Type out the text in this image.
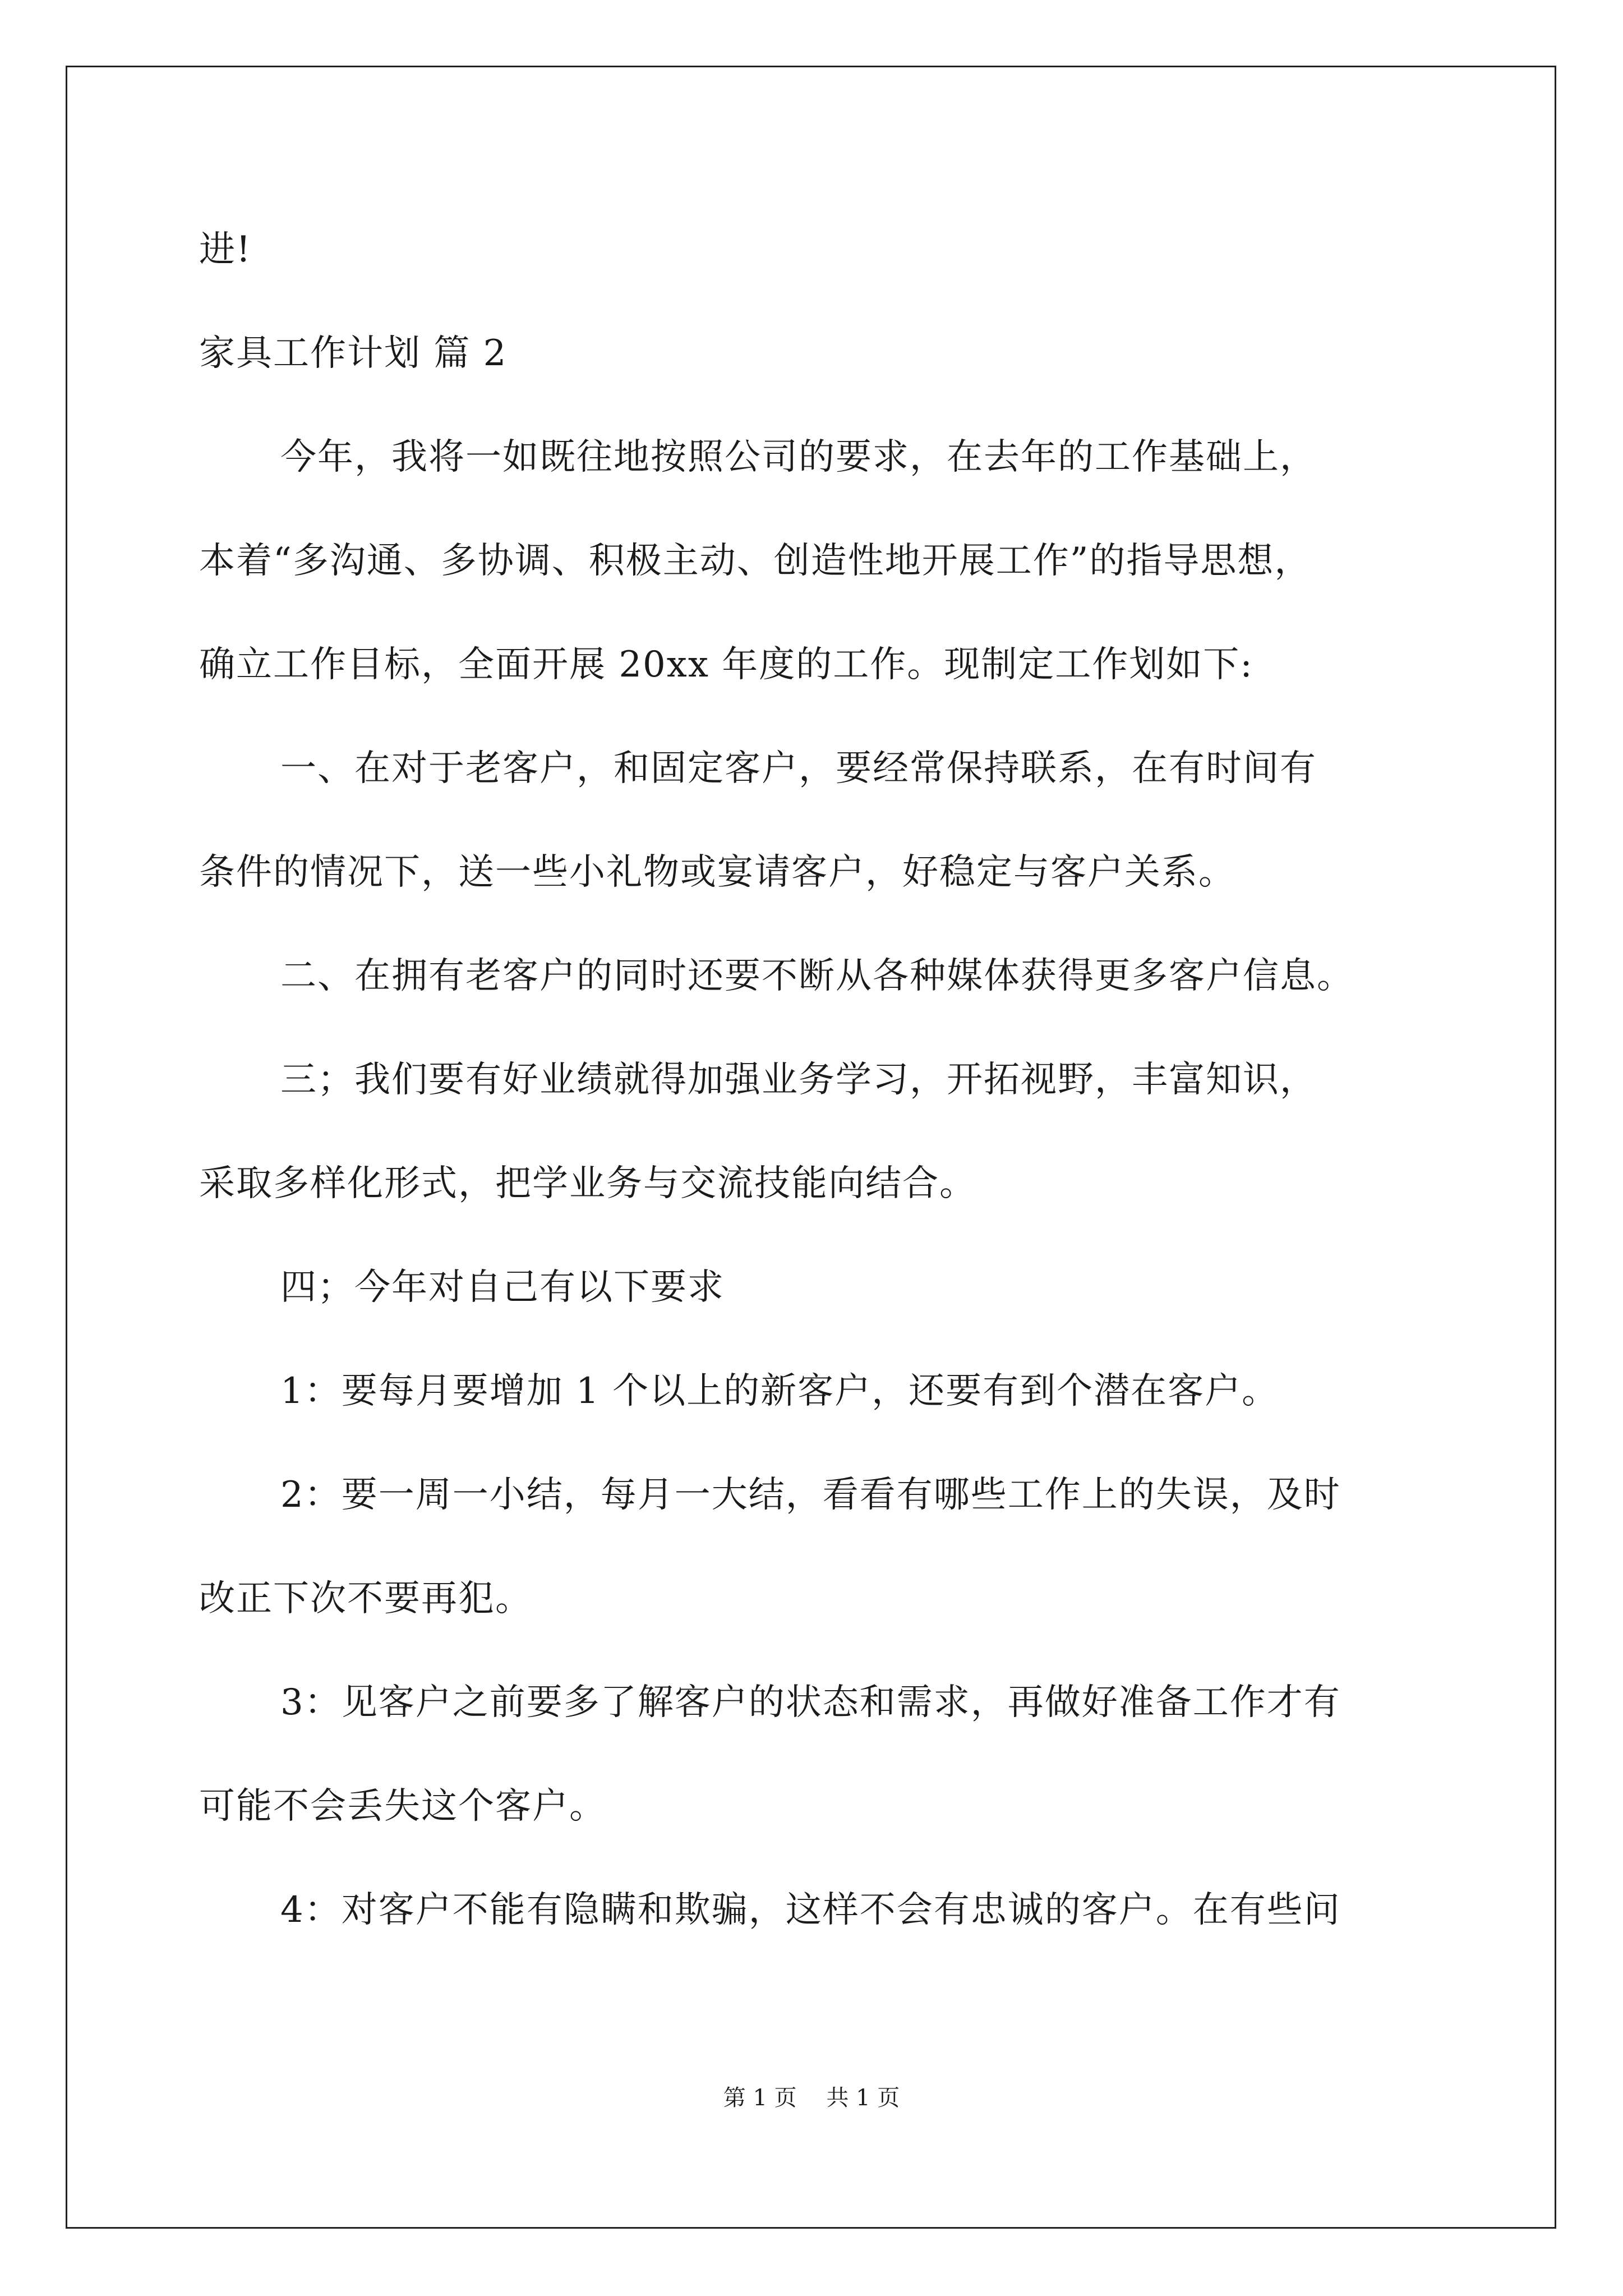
进!
家具工作计划 篇 2
今年，我将一如既往地按照公司的要求，在去年的工作基础上，
本着“多沟通、多协调、积极主动、创造性地开展工作”的指导思想，
确立工作目标，全面开展 20xx 年度的工作。现制定工作划如下:
一、在对于老客户，和固定客户，要经常保持联系，在有时间有
条件的情况下，送一些小礼物或宴请客户，好稳定与客户关系。
二、在拥有老客户的同时还要不断从各种媒体获得更多客户信息。
三；我们要有好业绩就得加强业务学习，开拓视野，丰富知识，
采取多样化形式，把学业务与交流技能向结合。
四；今年对自己有以下要求
1：要每月要增加 1 个以上的新客户，还要有到个潜在客户。
2：要一周一小结，每月一大结，看看有哪些工作上的失误，及时
改正下次不要再犯。
3：见客户之前要多了解客户的状态和需求，再做好准备工作才有
可能不会丢失这个客户。
4：对客户不能有隐瞒和欺骗，这样不会有忠诚的客户。在有些问
第 1 页 共 1 页
